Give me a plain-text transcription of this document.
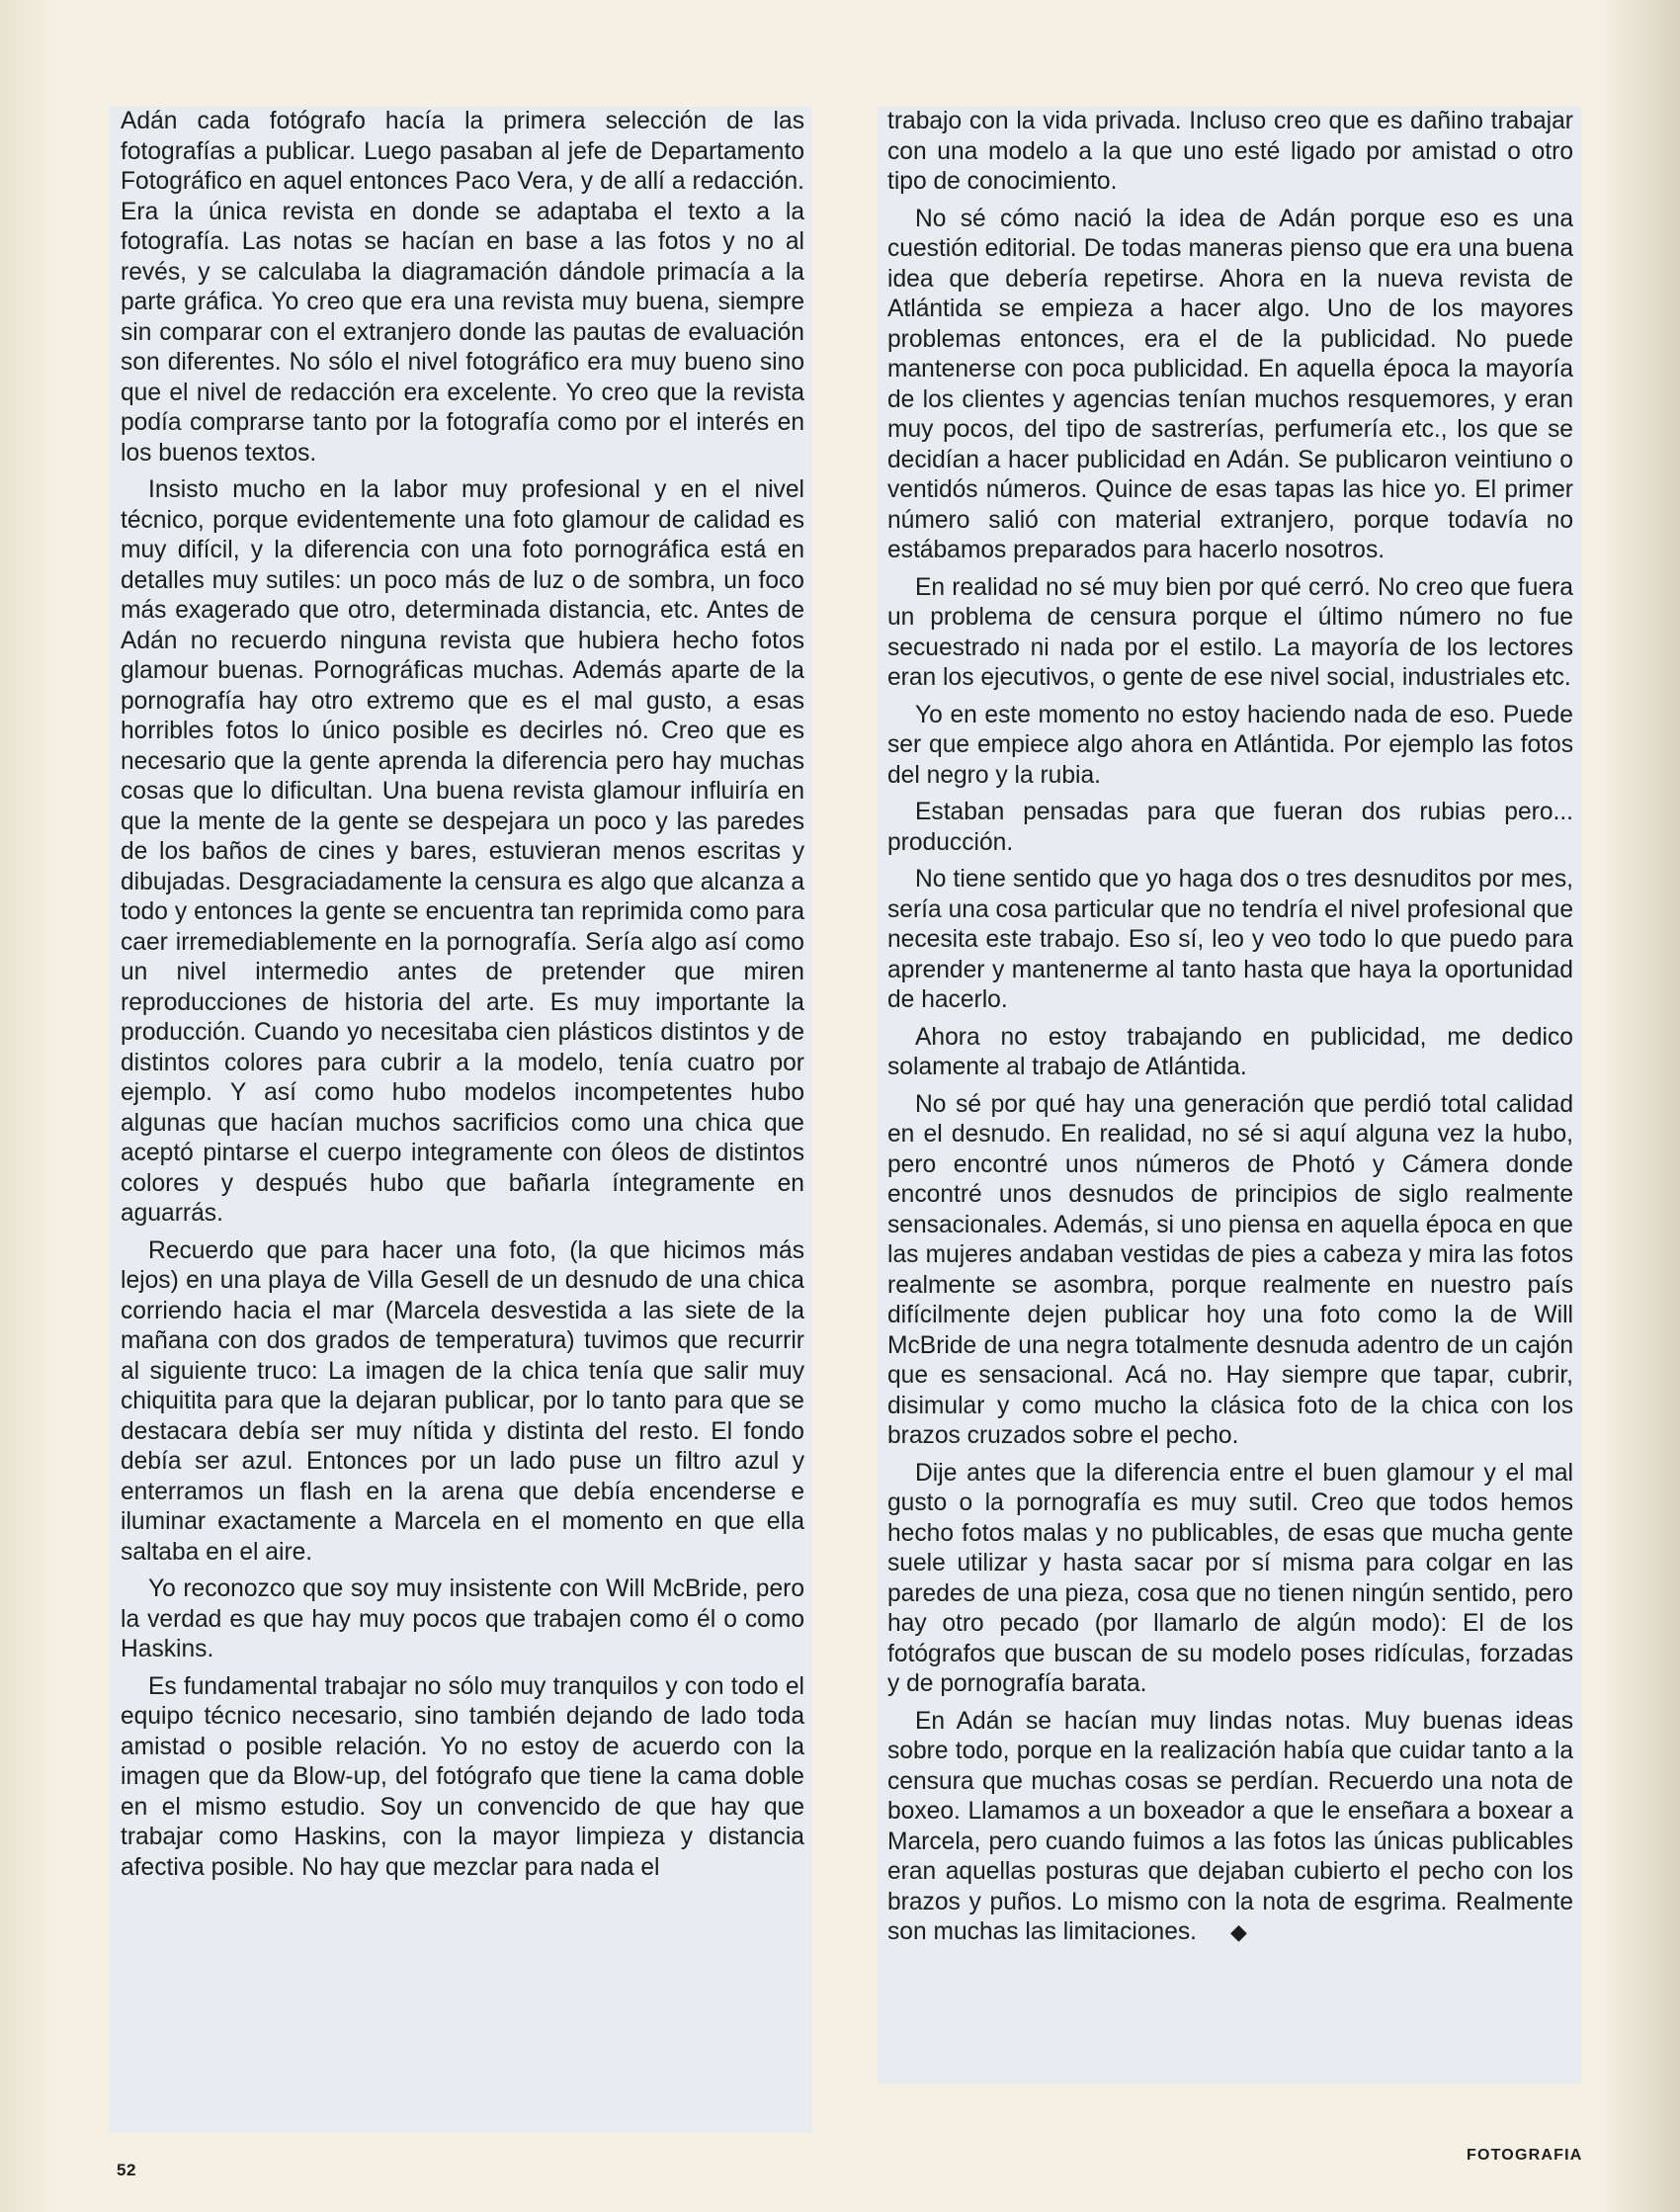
Adán cada fotógrafo hacía la primera selección de las fotografías a publicar. Luego pasaban al jefe de Departamento Fotográfico en aquel entonces Paco Vera, y de allí a redacción. Era la única revista en donde se adaptaba el texto a la fotografía. Las notas se hacían en base a las fotos y no al revés, y se calculaba la diagramación dándole primacía a la parte gráfica. Yo creo que era una revista muy buena, siempre sin comparar con el extranjero donde las pautas de evaluación son diferentes. No sólo el nivel fotográfico era muy bueno sino que el nivel de redacción era excelente. Yo creo que la revista podía comprarse tanto por la fotografía como por el interés en los buenos textos.

Insisto mucho en la labor muy profesional y en el nivel técnico, porque evidentemente una foto glamour de calidad es muy difícil, y la diferencia con una foto pornográfica está en detalles muy sutiles: un poco más de luz o de sombra, un foco más exagerado que otro, determinada distancia, etc. Antes de Adán no recuerdo ninguna revista que hubiera hecho fotos glamour buenas. Pornográficas muchas. Además aparte de la pornografía hay otro extremo que es el mal gusto, a esas horribles fotos lo único posible es decirles nó. Creo que es necesario que la gente aprenda la diferencia pero hay muchas cosas que lo dificultan. Una buena revista glamour influiría en que la mente de la gente se despejara un poco y las paredes de los baños de cines y bares, estuvieran menos escritas y dibujadas. Desgraciadamente la censura es algo que alcanza a todo y entonces la gente se encuentra tan reprimida como para caer irremediablemente en la pornografía. Sería algo así como un nivel intermedio antes de pretender que miren reproducciones de historia del arte. Es muy importante la producción. Cuando yo necesitaba cien plásticos distintos y de distintos colores para cubrir a la modelo, tenía cuatro por ejemplo. Y así como hubo modelos incompetentes hubo algunas que hacían muchos sacrificios como una chica que aceptó pintarse el cuerpo integramente con óleos de distintos colores y después hubo que bañarla íntegramente en aguarrás.

Recuerdo que para hacer una foto, (la que hicimos más lejos) en una playa de Villa Gesell de un desnudo de una chica corriendo hacia el mar (Marcela desvestida a las siete de la mañana con dos grados de temperatura) tuvimos que recurrir al siguiente truco: La imagen de la chica tenía que salir muy chiquitita para que la dejaran publicar, por lo tanto para que se destacara debía ser muy nítida y distinta del resto. El fondo debía ser azul. Entonces por un lado puse un filtro azul y enterramos un flash en la arena que debía encenderse e iluminar exactamente a Marcela en el momento en que ella saltaba en el aire.

Yo reconozco que soy muy insistente con Will McBride, pero la verdad es que hay muy pocos que trabajen como él o como Haskins.

Es fundamental trabajar no sólo muy tranquilos y con todo el equipo técnico necesario, sino también dejando de lado toda amistad o posible relación. Yo no estoy de acuerdo con la imagen que da Blow-up, del fotógrafo que tiene la cama doble en el mismo estudio. Soy un convencido de que hay que trabajar como Haskins, con la mayor limpieza y distancia afectiva posible. No hay que mezclar para nada el

trabajo con la vida privada. Incluso creo que es dañino trabajar con una modelo a la que uno esté ligado por amistad o otro tipo de conocimiento.

No sé cómo nació la idea de Adán porque eso es una cuestión editorial. De todas maneras pienso que era una buena idea que debería repetirse. Ahora en la nueva revista de Atlántida se empieza a hacer algo. Uno de los mayores problemas entonces, era el de la publicidad. No puede mantenerse con poca publicidad. En aquella época la mayoría de los clientes y agencias tenían muchos resquemores, y eran muy pocos, del tipo de sastrerías, perfumería etc., los que se decidían a hacer publicidad en Adán. Se publicaron veintiuno o ventidós números. Quince de esas tapas las hice yo. El primer número salió con material extranjero, porque todavía no estábamos preparados para hacerlo nosotros.

En realidad no sé muy bien por qué cerró. No creo que fuera un problema de censura porque el último número no fue secuestrado ni nada por el estilo. La mayoría de los lectores eran los ejecutivos, o gente de ese nivel social, industriales etc.

Yo en este momento no estoy haciendo nada de eso. Puede ser que empiece algo ahora en Atlántida. Por ejemplo las fotos del negro y la rubia.

Estaban pensadas para que fueran dos rubias pero... producción.

No tiene sentido que yo haga dos o tres desnuditos por mes, sería una cosa particular que no tendría el nivel profesional que necesita este trabajo. Eso sí, leo y veo todo lo que puedo para aprender y mantenerme al tanto hasta que haya la oportunidad de hacerlo.

Ahora no estoy trabajando en publicidad, me dedico solamente al trabajo de Atlántida.

No sé por qué hay una generación que perdió total calidad en el desnudo. En realidad, no sé si aquí alguna vez la hubo, pero encontré unos números de Photó y Cámera donde encontré unos desnudos de principios de siglo realmente sensacionales. Además, si uno piensa en aquella época en que las mujeres andaban vestidas de pies a cabeza y mira las fotos realmente se asombra, porque realmente en nuestro país difícilmente dejen publicar hoy una foto como la de Will McBride de una negra totalmente desnuda adentro de un cajón que es sensacional. Acá no. Hay siempre que tapar, cubrir, disimular y como mucho la clásica foto de la chica con los brazos cruzados sobre el pecho.

Dije antes que la diferencia entre el buen glamour y el mal gusto o la pornografía es muy sutil. Creo que todos hemos hecho fotos malas y no publicables, de esas que mucha gente suele utilizar y hasta sacar por sí misma para colgar en las paredes de una pieza, cosa que no tienen ningún sentido, pero hay otro pecado (por llamarlo de algún modo): El de los fotógrafos que buscan de su modelo poses ridículas, forzadas y de pornografía barata.

En Adán se hacían muy lindas notas. Muy buenas ideas sobre todo, porque en la realización había que cuidar tanto a la censura que muchas cosas se perdían. Recuerdo una nota de boxeo. Llamamos a un boxeador a que le enseñara a boxear a Marcela, pero cuando fuimos a las fotos las únicas publicables eran aquellas posturas que dejaban cubierto el pecho con los brazos y puños. Lo mismo con la nota de esgrima. Realmente son muchas las limitaciones. ◆

52
FOTOGRAFIA
